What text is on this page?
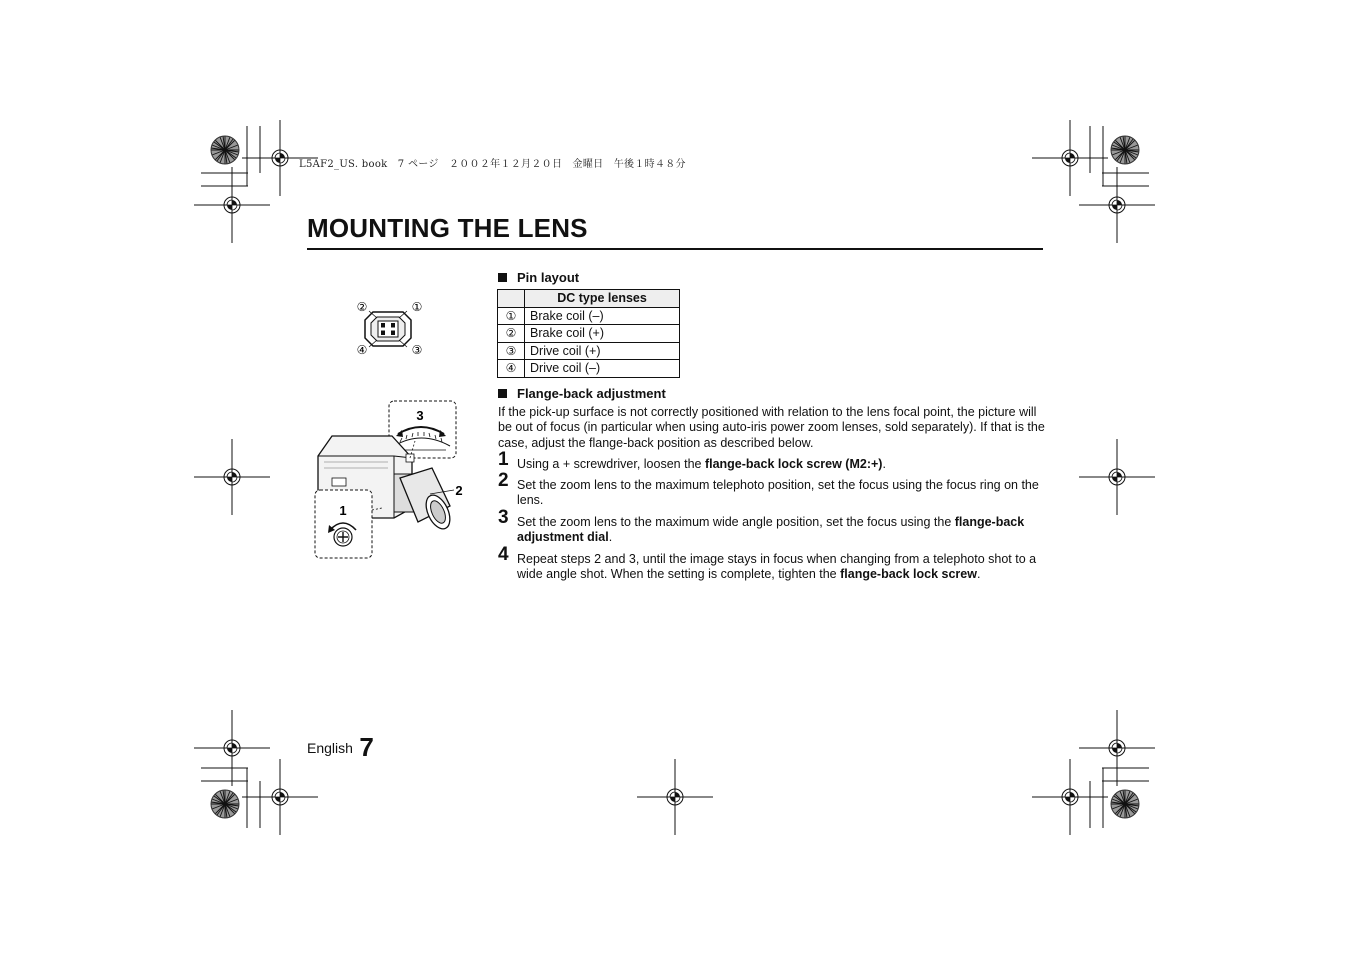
L5AF2_US. book　7 ページ　２００２年１２月２０日　金曜日　午後１時４８分
MOUNTING THE LENS
①
②
③
④
3
2
1
Pin layout
	DC type lenses
①	Brake coil (–)
②	Brake coil (+)
③	Drive coil (+)
④	Drive coil (–)
Flange-back adjustment
If the pick-up surface is not correctly positioned with relation to the lens focal point, the picture will be out of focus (in particular when using auto-iris power zoom lenses, sold separately). If that is the case, adjust the flange-back position as described below.
1 Using a + screwdriver, loosen the flange-back lock screw (M2:+).
2 Set the zoom lens to the maximum telephoto position, set the focus using the focus ring on the lens.
3 Set the zoom lens to the maximum wide angle position, set the focus using the flange-back adjustment dial.
4 Repeat steps 2 and 3, until the image stays in focus when changing from a telephoto shot to a wide angle shot. When the setting is complete, tighten the flange-back lock screw.
English 7
